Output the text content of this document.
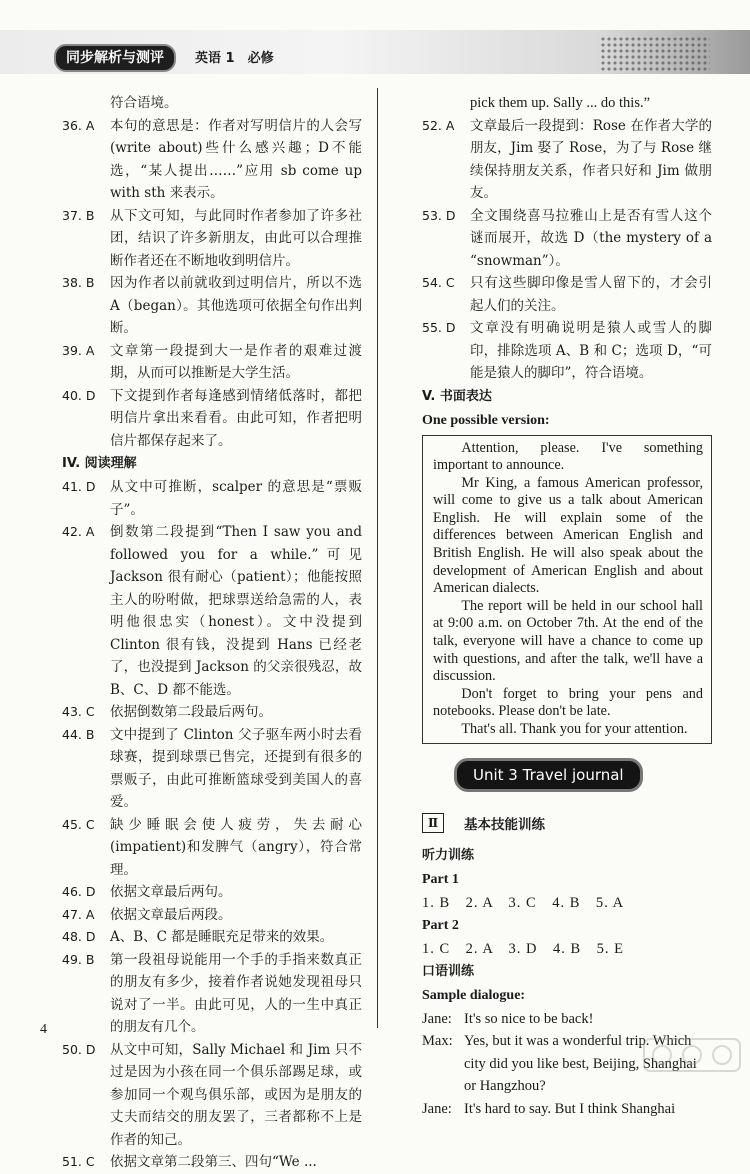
同步解析与测评	英语 1　必修
符合语境。
36. A	本句的意思是：作者对写明信片的人会写(write about)些什么感兴趣；D不能选，“某人提出……”应用 sb come up with sth 来表示。
37. B	从下文可知，与此同时作者参加了许多社团，结识了许多新朋友，由此可以合理推断作者还在不断地收到明信片。
38. B	因为作者以前就收到过明信片，所以不选 A（began）。其他选项可依据全句作出判断。
39. A	文章第一段提到大一是作者的艰难过渡期，从而可以推断是大学生活。
40. D	下文提到作者每逢感到情绪低落时，都把明信片拿出来看看。由此可知，作者把明信片都保存起来了。
IV. 阅读理解
41. D	从文中可推断，scalper 的意思是“票贩子”。
42. A	倒数第二段提到“Then I saw you and followed you for a while.”可见 Jackson 很有耐心（patient）；他能按照主人的吩咐做，把球票送给急需的人，表明他很忠实（honest）。文中没提到 Clinton 很有钱，没提到 Hans 已经老了，也没提到 Jackson 的父亲很残忍，故 B、C、D 都不能选。
43. C	依据倒数第二段最后两句。
44. B	文中提到了 Clinton 父子驱车两小时去看球赛，提到球票已售完，还提到有很多的票贩子，由此可推断篮球受到美国人的喜爱。
45. C	缺少睡眠会使人疲劳，失去耐心(impatient)和发脾气（angry），符合常理。
46. D	依据文章最后两句。
47. A	依据文章最后两段。
48. D	A、B、C 都是睡眠充足带来的效果。
49. B	第一段祖母说能用一个手的手指来数真正的朋友有多少，接着作者说她发现祖母只说对了一半。由此可见，人的一生中真正的朋友有几个。
50. D	从文中可知，Sally Michael 和 Jim 只不过是因为小孩在同一个俱乐部踢足球，或参加同一个观鸟俱乐部，或因为是朋友的丈夫而结交的朋友罢了，三者都称不上是作者的知己。
51. C	依据文章第二段第三、四句“We ...
pick them up. Sally ... do this.”
52. A	文章最后一段提到：Rose 在作者大学的朋友，Jim 娶了 Rose，为了与 Rose 继续保持朋友关系，作者只好和 Jim 做朋友。
53. D	全文围绕喜马拉雅山上是否有雪人这个谜而展开，故选 D（the mystery of a “snowman”）。
54. C	只有这些脚印像是雪人留下的，才会引起人们的关注。
55. D	文章没有明确说明是猿人或雪人的脚印，排除选项 A、B 和 C；选项 D，“可能是猿人的脚印”，符合语境。
V. 书面表达
One possible version:

Attention, please. I've something important to announce.

Mr King, a famous American professor, will come to give us a talk about American English. He will explain some of the differences between American English and British English. He will also speak about the development of American English and about American dialects.

The report will be held in our school hall at 9:00 a.m. on October 7th. At the end of the talk, everyone will have a chance to come up with questions, and after the talk, we'll have a discussion.

Don't forget to bring your pens and notebooks. Please don't be late.

That's all. Thank you for your attention.

Unit 3 Travel journal
Ⅱ	基本技能训练
听力训练
Part 1
1. B　2. A　3. C　4. B　5. A
Part 2
1. C　2. A　3. D　4. B　5. E
口语训练
Sample dialogue:
Jane: It's so nice to be back!
Max: Yes, but it was a wonderful trip. Which city did you like best, Beijing, Shanghai or Hangzhou?
Jane: It's hard to say. But I think Shanghai
4
